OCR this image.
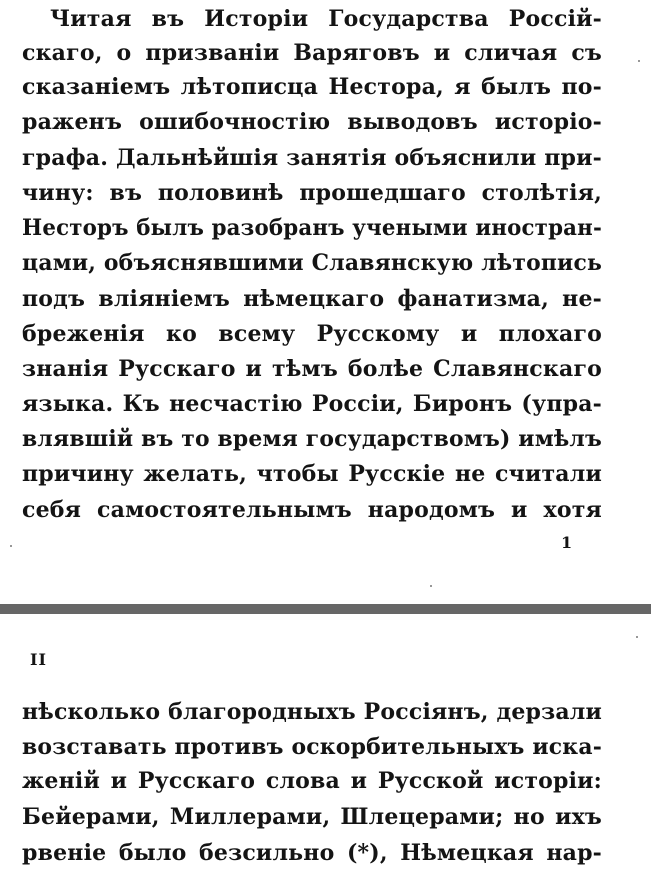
Читая въ Исторіи Государства Россій-
скаго, о призваніи Варяговъ и сличая съ
сказаніемъ лѣтописца Нестора, я былъ по-
раженъ ошибочностію выводовъ исторіо-
графа. Дальнѣйшія занятія объяснили при-
чину: въ половинѣ прошедшаго столѣтія,
Несторъ былъ разобранъ учеными иностран-
цами, объяснявшими Славянскую лѣтопись
подъ вліяніемъ нѣмецкаго фанатизма, не-
бреженія ко всему Русскому и плохаго
знанія Русскаго и тѣмъ болѣе Славянскаго
языка. Къ несчастію Россіи, Биронъ (упра-
влявшій въ то время государствомъ) имѣлъ
причину желать, чтобы Русскіе не считали
себя самостоятельнымъ народомъ и хотя
1
II
нѣсколько благородныхъ Россіянъ, дерзали
возставать противъ оскорбительныхъ иска-
женій и Русскаго слова и Русской исторіи:
Бейерами, Миллерами, Шлецерами; но ихъ
рвеніе было безсильно (*), Нѣмецкая нар-
